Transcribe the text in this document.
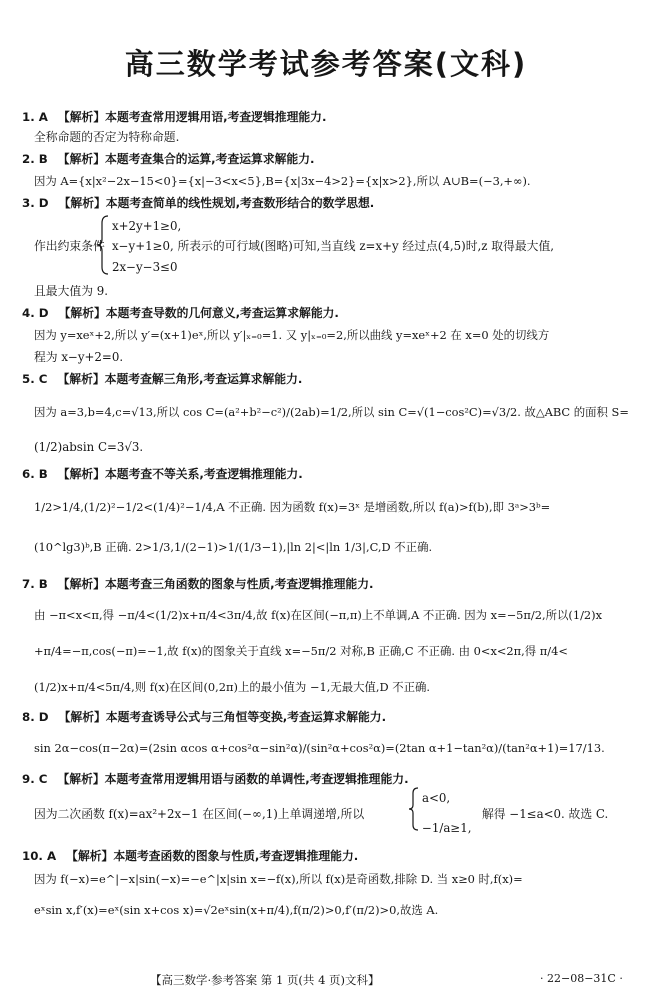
高三数学考试参考答案(文科)
1. A 【解析】本题考查常用逻辑用语,考查逻辑推理能力.
全称命题的否定为特称命题.
2. B 【解析】本题考查集合的运算,考查运算求解能力.
因为 A={x|x²−2x−15<0}={x|−3<x<5},B={x|3x−4>2}={x|x>2},所以 A∪B=(−3,+∞).
3. D 【解析】本题考查简单的线性规划,考查数形结合的数学思想.
x+2y+1≥0,
作出约束条件 x−y+1≥0, 所表示的可行域(图略)可知,当直线 z=x+y 经过点(4,5)时,z 取得最大值,
2x−y−3≤0
且最大值为 9.
4. D 【解析】本题考查导数的几何意义,考查运算求解能力.
因为 y=xeˣ+2,所以 y′=(x+1)eˣ,所以 y′|ₓ₌₀=1. 又 y|ₓ₌₀=2,所以曲线 y=xeˣ+2 在 x=0 处的切线方
程为 x−y+2=0.
5. C 【解析】本题考查解三角形,考查运算求解能力.
因为 a=3,b=4,c=√13,所以 cos C=(a²+b²−c²)/(2ab)=1/2,所以 sin C=√(1−cos²C)=√3/2. 故△ABC 的面积 S=
(1/2)absin C=3√3.
6. B 【解析】本题考查不等关系,考查逻辑推理能力.
1/2>1/4,(1/2)²−1/2<(1/4)²−1/4,A 不正确. 因为函数 f(x)=3ˣ 是增函数,所以 f(a)>f(b),即 3ᵃ>3ᵇ=
(10^lg3)ᵇ,B 正确. 2>1/3,1/(2−1)>1/(1/3−1),|ln 2|<|ln 1/3|,C,D 不正确.
7. B 【解析】本题考查三角函数的图象与性质,考查逻辑推理能力.
由 −π<x<π,得 −π/4<(1/2)x+π/4<3π/4,故 f(x)在区间(−π,π)上不单调,A 不正确. 因为 x=−5π/2,所以(1/2)x
+π/4=−π,cos(−π)=−1,故 f(x)的图象关于直线 x=−5π/2 对称,B 正确,C 不正确. 由 0<x<2π,得 π/4<
(1/2)x+π/4<5π/4,则 f(x)在区间(0,2π)上的最小值为 −1,无最大值,D 不正确.
8. D 【解析】本题考查诱导公式与三角恒等变换,考查运算求解能力.
sin 2α−cos(π−2α)=(2sin αcos α+cos²α−sin²α)/(sin²α+cos²α)=(2tan α+1−tan²α)/(tan²α+1)=17/13.
9. C 【解析】本题考查常用逻辑用语与函数的单调性,考查逻辑推理能力.
a<0,
因为二次函数 f(x)=ax²+2x−1 在区间(−∞,1)上单调递增,所以	解得 −1≤a<0. 故选 C.
−1/a≥1,
10. A 【解析】本题考查函数的图象与性质,考查逻辑推理能力.
因为 f(−x)=e^|−x|sin(−x)=−e^|x|sin x=−f(x),所以 f(x)是奇函数,排除 D. 当 x≥0 时,f(x)=
eˣsin x,f′(x)=eˣ(sin x+cos x)=√2eˣsin(x+π/4),f(π/2)>0,f′(π/2)>0,故选 A.
【高三数学·参考答案 第 1 页(共 4 页)文科】	· 22−08−31C ·
